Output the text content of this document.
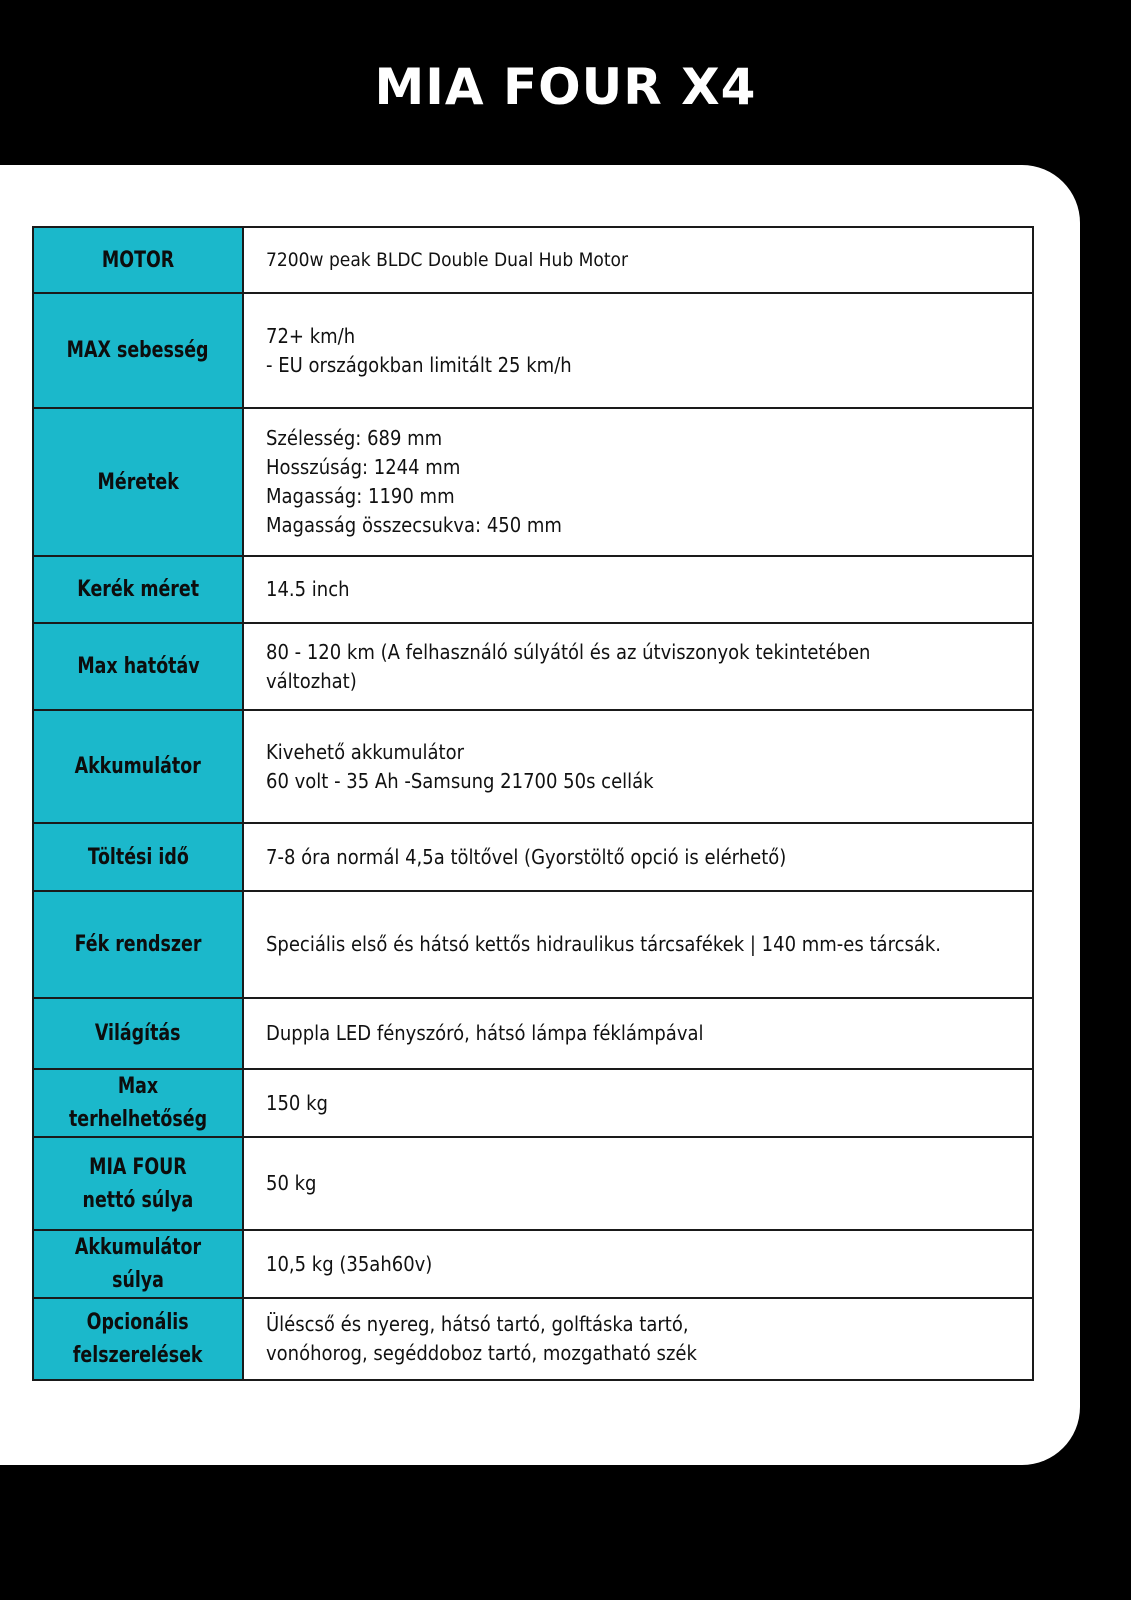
MIA FOUR X4
MOTOR	7200w peak BLDC Double Dual Hub Motor
MAX sebesség	72+ km/h
- EU országokban limitált 25 km/h
Méretek	Szélesség: 689 mm
Hosszúság: 1244 mm
Magasság: 1190 mm
Magasság összecsukva: 450 mm
Kerék méret	14.5 inch
Max hatótáv	80 - 120 km (A felhasználó súlyától és az útviszonyok tekintetében változhat)
Akkumulátor	Kivehető akkumulátor
60 volt - 35 Ah -Samsung 21700 50s cellák
Töltési idő	7-8 óra normál 4,5a töltővel (Gyorstöltő opció is elérhető)
Fék rendszer	Speciális első és hátsó kettős hidraulikus tárcsafékek | 140 mm-es tárcsák.
Világítás	Duppla LED fényszóró, hátsó lámpa féklámpával
Max terhelhetőség	150 kg
MIA FOUR
nettó súlya	50 kg
Akkumulátor súlya	10,5 kg (35ah60v)
Opcionális
felszerelések	Üléscső és nyereg, hátsó tartó, golftáska tartó,
vonóhorog, segéddoboz tartó, mozgatható szék
